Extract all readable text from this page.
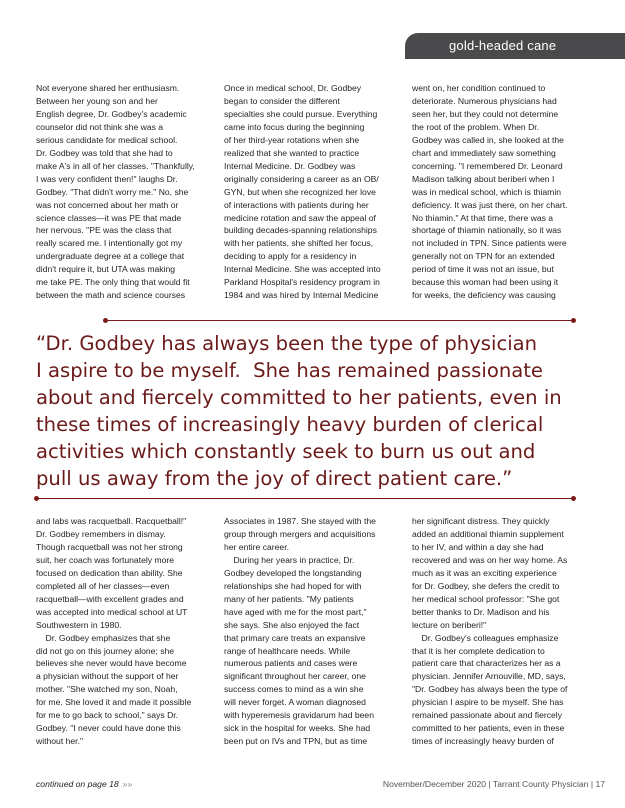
gold-headed cane
Not everyone shared her enthusiasm.
Between her young son and her
English degree, Dr. Godbey's academic
counselor did not think she was a
serious candidate for medical school.
Dr. Godbey was told that she had to
make A's in all of her classes. "Thankfully,
I was very confident then!" laughs Dr.
Godbey. "That didn't worry me." No, she
was not concerned about her math or
science classes—it was PE that made
her nervous. "PE was the class that
really scared me. I intentionally got my
undergraduate degree at a college that
didn't require it, but UTA was making
me take PE. The only thing that would fit
between the math and science courses
Once in medical school, Dr. Godbey
began to consider the different
specialties she could pursue. Everything
came into focus during the beginning
of her third-year rotations when she
realized that she wanted to practice
Internal Medicine. Dr. Godbey was
originally considering a career as an OB/
GYN, but when she recognized her love
of interactions with patients during her
medicine rotation and saw the appeal of
building decades-spanning relationships
with her patients, she shifted her focus,
deciding to apply for a residency in
Internal Medicine. She was accepted into
Parkland Hospital's residency program in
1984 and was hired by Internal Medicine
went on, her condition continued to
deteriorate. Numerous physicians had
seen her, but they could not determine
the root of the problem. When Dr.
Godbey was called in, she looked at the
chart and immediately saw something
concerning. "I remembered Dr. Leonard
Madison talking about beriberi when I
was in medical school, which is thiamin
deficiency. It was just there, on her chart.
No thiamin." At that time, there was a
shortage of thiamin nationally, so it was
not included in TPN. Since patients were
generally not on TPN for an extended
period of time it was not an issue, but
because this woman had been using it
for weeks, the deficiency was causing
“Dr. Godbey has always been the type of physician
I aspire to be myself.  She has remained passionate
about and fiercely committed to her patients, even in
these times of increasingly heavy burden of clerical
activities which constantly seek to burn us out and
pull us away from the joy of direct patient care.”
and labs was racquetball. Racquetball!"
Dr. Godbey remembers in dismay.
Though racquetball was not her strong
suit, her coach was fortunately more
focused on dedication than ability. She
completed all of her classes—even
racquetball—with excellent grades and
was accepted into medical school at UT
Southwestern in 1980.
Dr. Godbey emphasizes that she
did not go on this journey alone; she
believes she never would have become
a physician without the support of her
mother. "She watched my son, Noah,
for me. She loved it and made it possible
for me to go back to school," says Dr.
Godbey. "I never could have done this
without her."
Associates in 1987. She stayed with the
group through mergers and acquisitions
her entire career.
During her years in practice, Dr.
Godbey developed the longstanding
relationships she had hoped for with
many of her patients. "My patients
have aged with me for the most part,"
she says. She also enjoyed the fact
that primary care treats an expansive
range of healthcare needs. While
numerous patients and cases were
significant throughout her career, one
success comes to mind as a win she
will never forget. A woman diagnosed
with hyperemesis gravidarum had been
sick in the hospital for weeks. She had
been put on IVs and TPN, but as time
her significant distress. They quickly
added an additional thiamin supplement
to her IV, and within a day she had
recovered and was on her way home. As
much as it was an exciting experience
for Dr. Godbey, she defers the credit to
her medical school professor: "She got
better thanks to Dr. Madison and his
lecture on beriberi!"
Dr. Godbey's colleagues emphasize
that it is her complete dedication to
patient care that characterizes her as a
physician. Jennifer Arnouville, MD, says,
"Dr. Godbey has always been the type of
physician I aspire to be myself. She has
remained passionate about and fiercely
committed to her patients, even in these
times of increasingly heavy burden of
continued on page 18 »»	November/December 2020 | Tarrant County Physician | 17
